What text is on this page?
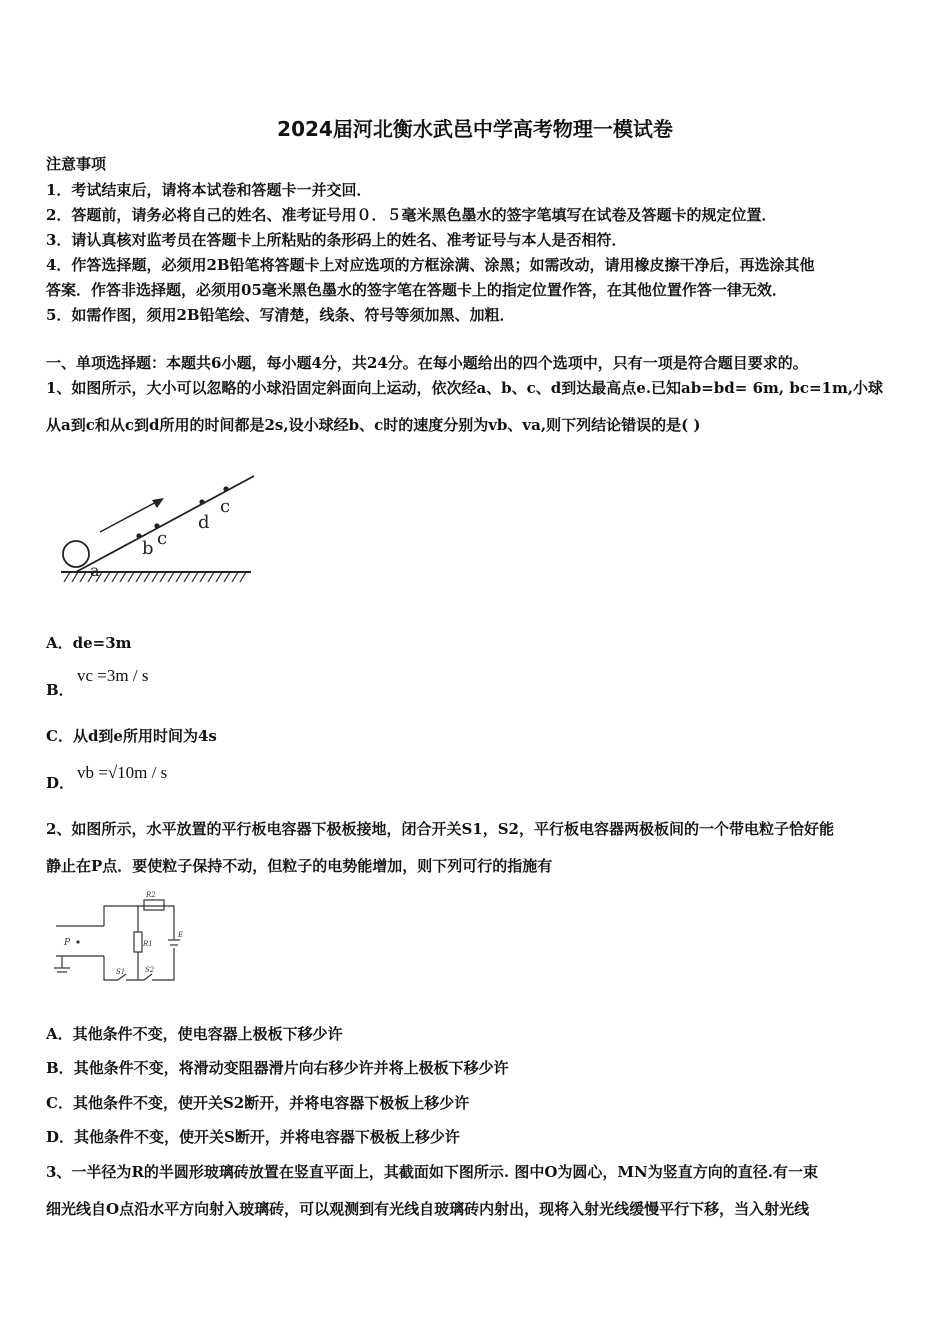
2024届河北衡水武邑中学高考物理一模试卷
注意事项
1．考试结束后，请将本试卷和答题卡一并交回．
2．答题前，请务必将自己的姓名、准考证号用０．５毫米黑色墨水的签字笔填写在试卷及答题卡的规定位置．
3．请认真核对监考员在答题卡上所粘贴的条形码上的姓名、准考证号与本人是否相符．
4．作答选择题，必须用2B铅笔将答题卡上对应选项的方框涂满、涂黑；如需改动，请用橡皮擦干净后，再选涂其他
答案．作答非选择题，必须用05毫米黑色墨水的签字笔在答题卡上的指定位置作答，在其他位置作答一律无效．
5．如需作图，须用2B铅笔绘、写清楚，线条、符号等须加黑、加粗．
一、单项选择题：本题共6小题，每小题4分，共24分。在每小题给出的四个选项中，只有一项是符合题目要求的。
1、如图所示，大小可以忽略的小球沿固定斜面向上运动，依次经a、b、c、d到达最高点e.已知ab=bd= 6m, bc=1m,小球
从a到c和从c到d所用的时间都是2s,设小球经b、c时的速度分别为vb、va,则下列结论错误的是( )
a
b c
d
c
A．de=3m
B．
vc =3m / s
C．从d到e所用时间为4s
D．
vb =√10m / s
2、如图所示，水平放置的平行板电容器下极板接地，闭合开关S1，S2，平行板电容器两极板间的一个带电粒子恰好能
静止在P点．要使粒子保持不动，但粒子的电势能增加，则下列可行的指施有
P
R2
R1
E
S1	S2
A．其他条件不变，使电容器上极板下移少许
B．其他条件不变，将滑动变阻器滑片向右移少许并将上极板下移少许
C．其他条件不变，使开关S2断开，并将电容器下极板上移少许
D．其他条件不变，使开关S断开，并将电容器下极板上移少许
3、一半径为R的半圆形玻璃砖放置在竖直平面上，其截面如下图所示. 图中O为圆心，MN为竖直方向的直径.有一束
细光线自O点沿水平方向射入玻璃砖，可以观测到有光线自玻璃砖内射出，现将入射光线缓慢平行下移，当入射光线
